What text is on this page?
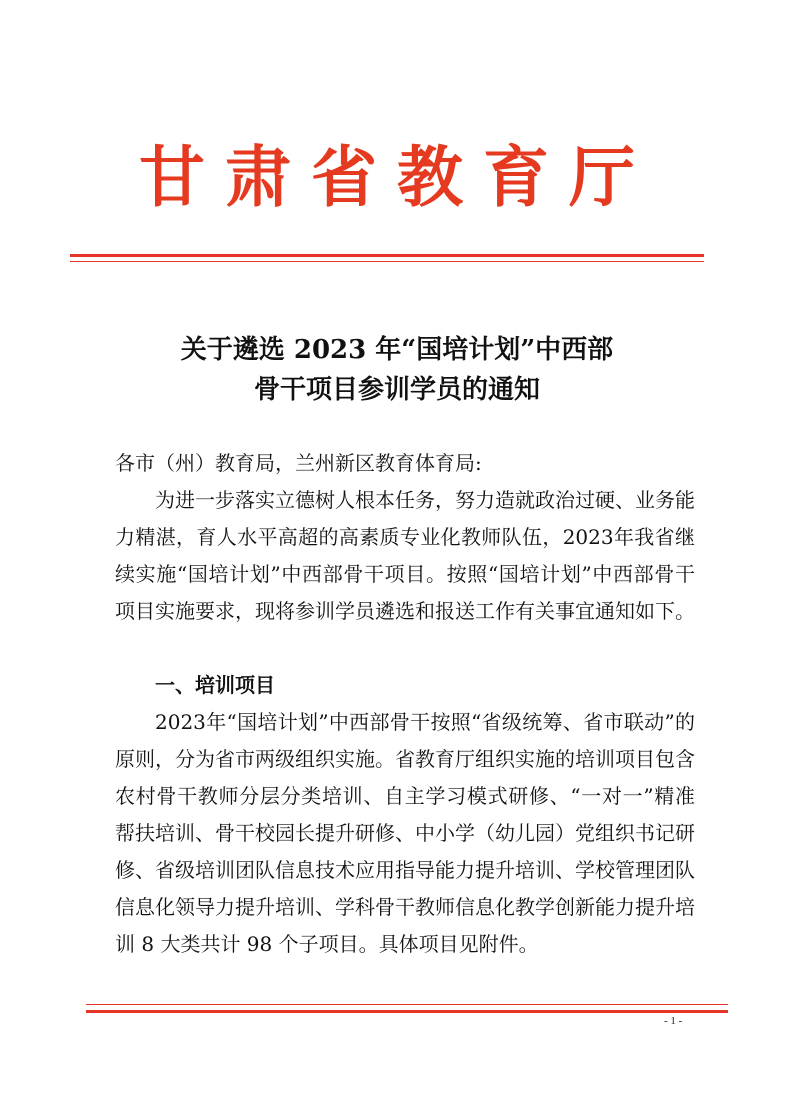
甘肃省教育厅
关于遴选 2023 年“国培计划”中西部
骨干项目参训学员的通知
各市（州）教育局，兰州新区教育体育局:
为进一步落实立德树人根本任务，努力造就政治过硬、业务能力精湛，育人水平高超的高素质专业化教师队伍，2023年我省继续实施“国培计划”中西部骨干项目。按照“国培计划”中西部骨干项目实施要求，现将参训学员遴选和报送工作有关事宜通知如下。
一、培训项目
2023年“国培计划”中西部骨干按照“省级统筹、省市联动”的原则，分为省市两级组织实施。省教育厅组织实施的培训项目包含农村骨干教师分层分类培训、自主学习模式研修、“一对一”精准帮扶培训、骨干校园长提升研修、中小学（幼儿园）党组织书记研修、省级培训团队信息技术应用指导能力提升培训、学校管理团队信息化领导力提升培训、学科骨干教师信息化教学创新能力提升培训 8 大类共计 98 个子项目。具体项目见附件。
- 1 -
